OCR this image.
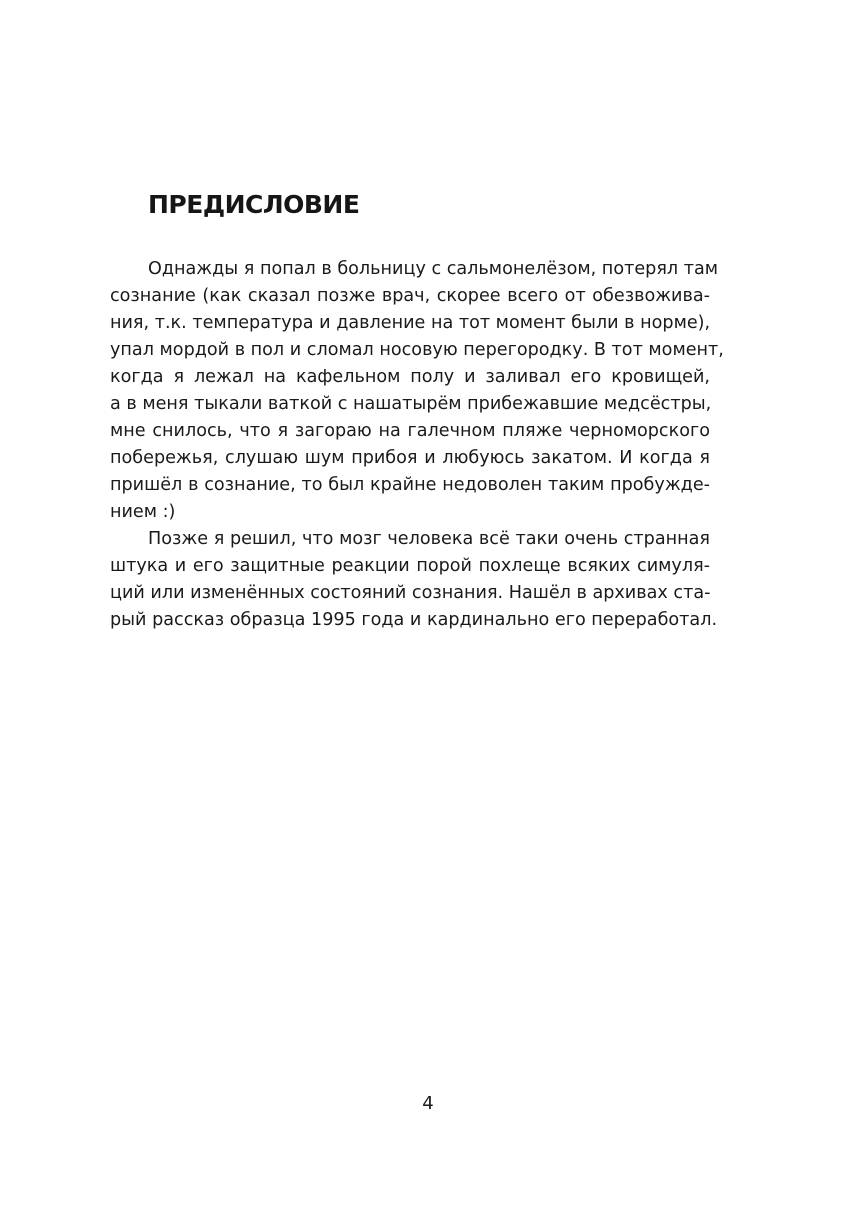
ПРЕДИСЛОВИЕ
Однажды я попал в больницу с сальмонелёзом, потерял там
сознание (как сказал позже врач, скорее всего от обезвожива-
ния, т.к. температура и давление на тот момент были в норме),
упал мордой в пол и сломал носовую перегородку. В тот момент,
когда я лежал на кафельном полу и заливал его кровищей,
а в меня тыкали ваткой с нашатырём прибежавшие медсёстры,
мне снилось, что я загораю на галечном пляже черноморского
побережья, слушаю шум прибоя и любуюсь закатом. И когда я
пришёл в сознание, то был крайне недоволен таким пробужде-
нием :)
Позже я решил, что мозг человека всё таки очень странная
штука и его защитные реакции порой похлеще всяких симуля-
ций или изменённых состояний сознания. Нашёл в архивах ста-
рый рассказ образца 1995 года и кардинально его переработал.
4
